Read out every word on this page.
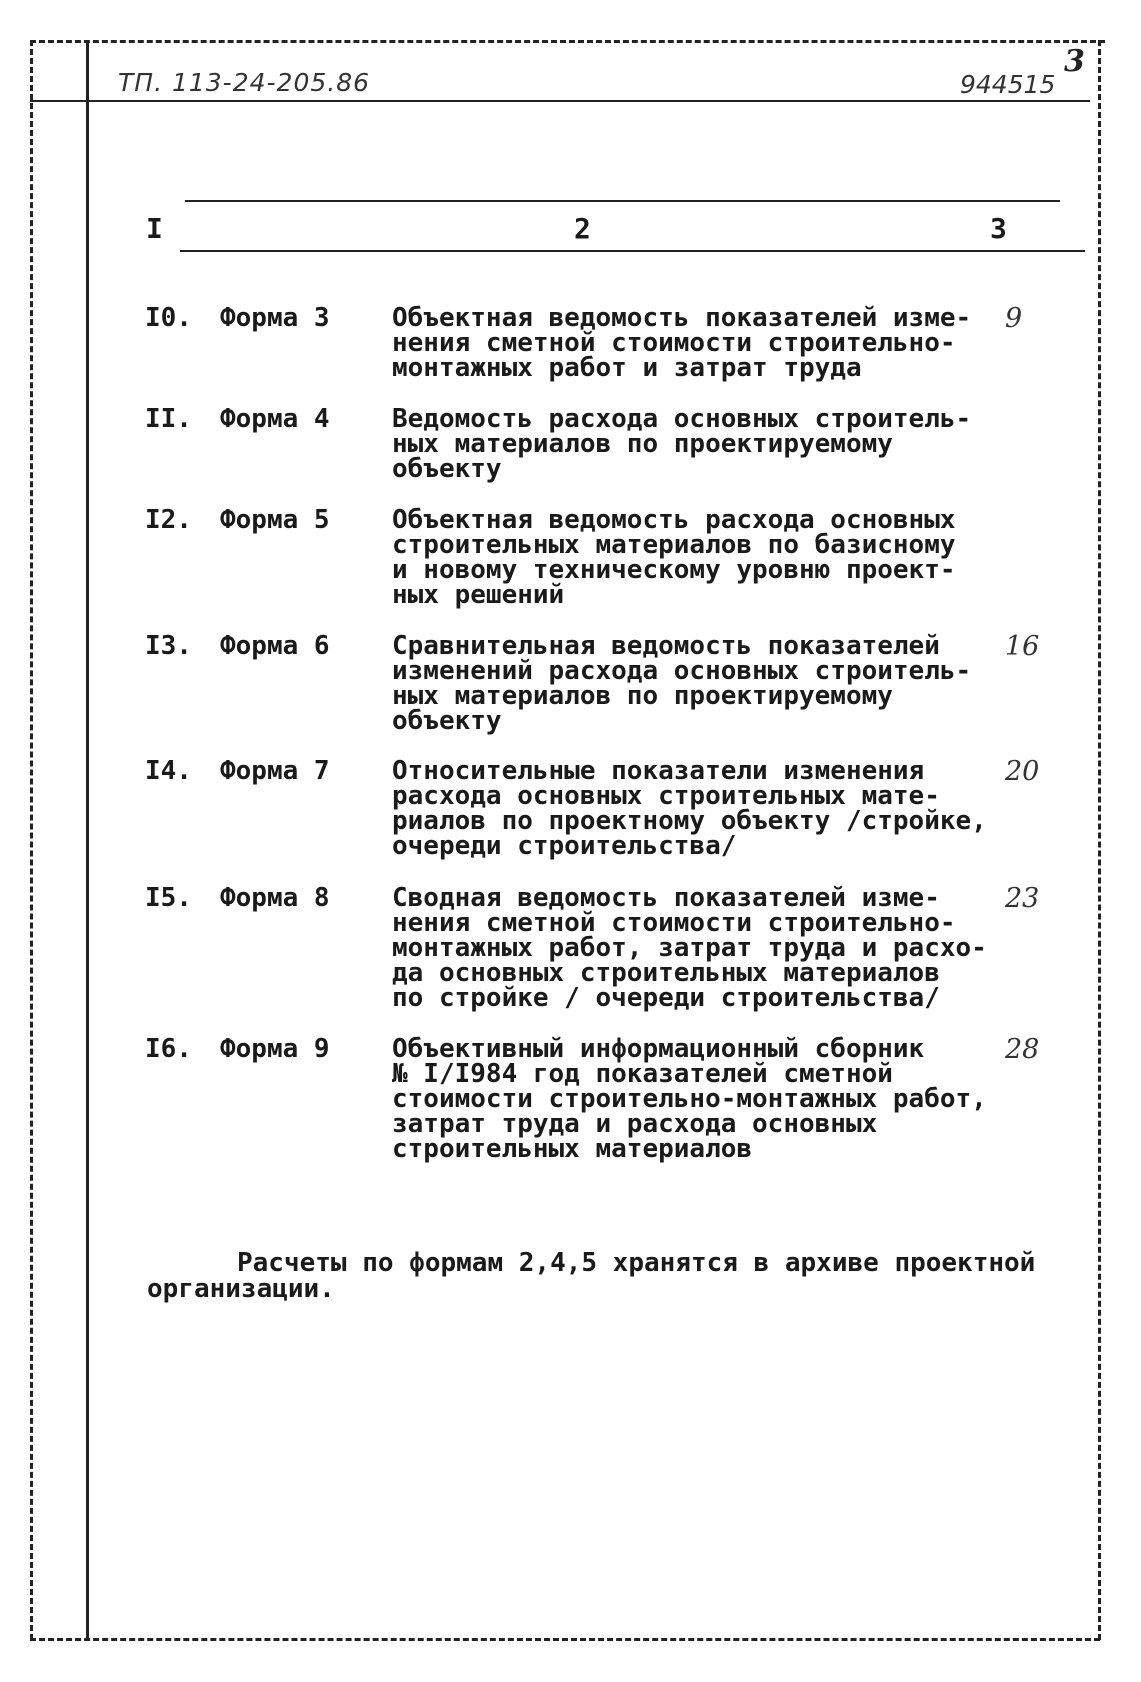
ТП. 113-24-205.86	944515
3
I	2	3
I0. Форма 3 Объектная ведомость показателей изме-
нения сметной стоимости строительно-
монтажных работ и затрат труда
9
II. Форма 4 Ведомость расхода основных строитель-
ных материалов по проектируемому
объекту
I2. Форма 5 Объектная ведомость расхода основных
строительных материалов по базисному
и новому техническому уровню проект-
ных решений
I3. Форма 6 Сравнительная ведомость показателей
изменений расхода основных строитель-
ных материалов по проектируемому
объекту
16
I4. Форма 7 Относительные показатели изменения
расхода основных строительных мате-
риалов по проектному объекту /стройке,
очереди строительства/
20
I5. Форма 8 Сводная ведомость показателей изме-
нения сметной стоимости строительно-
монтажных работ, затрат труда и расхо-
да основных строительных материалов
по стройке / очереди строительства/
23
I6. Форма 9 Объективный информационный сборник
№ I/I984 год показателей сметной
стоимости строительно-монтажных работ,
затрат труда и расхода основных
строительных материалов
28
Расчеты по формам 2,4,5 хранятся в архиве проектной организации.
